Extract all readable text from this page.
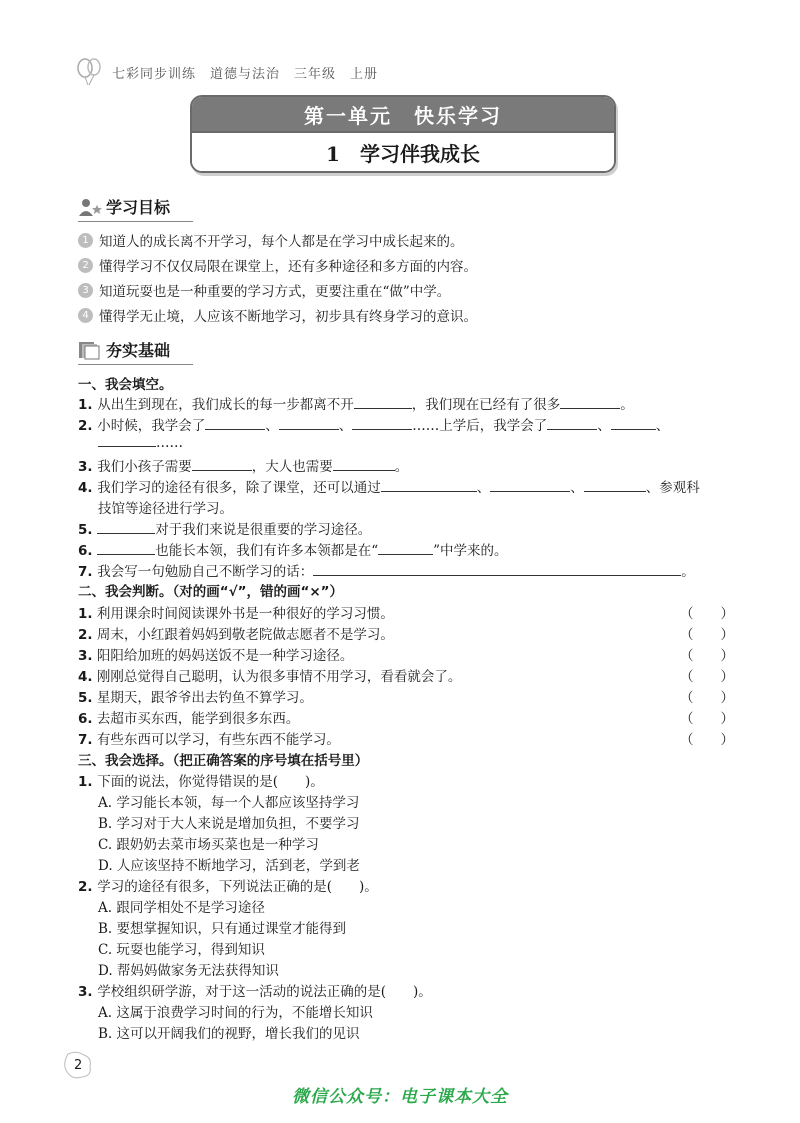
七彩同步训练　道德与法治　三年级　上册
第一单元　快乐学习
1　学习伴我成长
学习目标
1 知道人的成长离不开学习，每个人都是在学习中成长起来的。
2 懂得学习不仅仅局限在课堂上，还有多种途径和多方面的内容。
3 知道玩耍也是一种重要的学习方式，更要注重在“做”中学。
4 懂得学无止境，人应该不断地学习，初步具有终身学习的意识。
夯实基础
一、我会填空。
1. 从出生到现在，我们成长的每一步都离不开	，我们现在已经有了很多	。
2. 小时候，我学会了	、	、	……上学后，我学会了	、	、
……
3. 我们小孩子需要	，大人也需要	。
4. 我们学习的途径有很多，除了课堂，还可以通过	、	、	、参观科
技馆等途径进行学习。
5.	对于我们来说是很重要的学习途径。
6.	也能长本领，我们有许多本领都是在“	”中学来的。
7. 我会写一句勉励自己不断学习的话：	。
二、我会判断。（对的画“√”，错的画“×”）
1. 利用课余时间阅读课外书是一种很好的学习习惯。	（　　）
2. 周末，小红跟着妈妈到敬老院做志愿者不是学习。	（　　）
3. 阳阳给加班的妈妈送饭不是一种学习途径。	（　　）
4. 刚刚总觉得自己聪明，认为很多事情不用学习，看看就会了。	（　　）
5. 星期天，跟爷爷出去钓鱼不算学习。	（　　）
6. 去超市买东西，能学到很多东西。	（　　）
7. 有些东西可以学习，有些东西不能学习。	（　　）
三、我会选择。（把正确答案的序号填在括号里）
1. 下面的说法，你觉得错误的是(　　)。
A. 学习能长本领，每一个人都应该坚持学习
B. 学习对于大人来说是增加负担，不要学习
C. 跟奶奶去菜市场买菜也是一种学习
D. 人应该坚持不断地学习，活到老，学到老
2. 学习的途径有很多，下列说法正确的是(　　)。
A. 跟同学相处不是学习途径
B. 要想掌握知识，只有通过课堂才能得到
C. 玩耍也能学习，得到知识
D. 帮妈妈做家务无法获得知识
3. 学校组织研学游，对于这一活动的说法正确的是(　　)。
A. 这属于浪费学习时间的行为，不能增长知识
B. 这可以开阔我们的视野，增长我们的见识
2
微信公众号：电子课本大全
